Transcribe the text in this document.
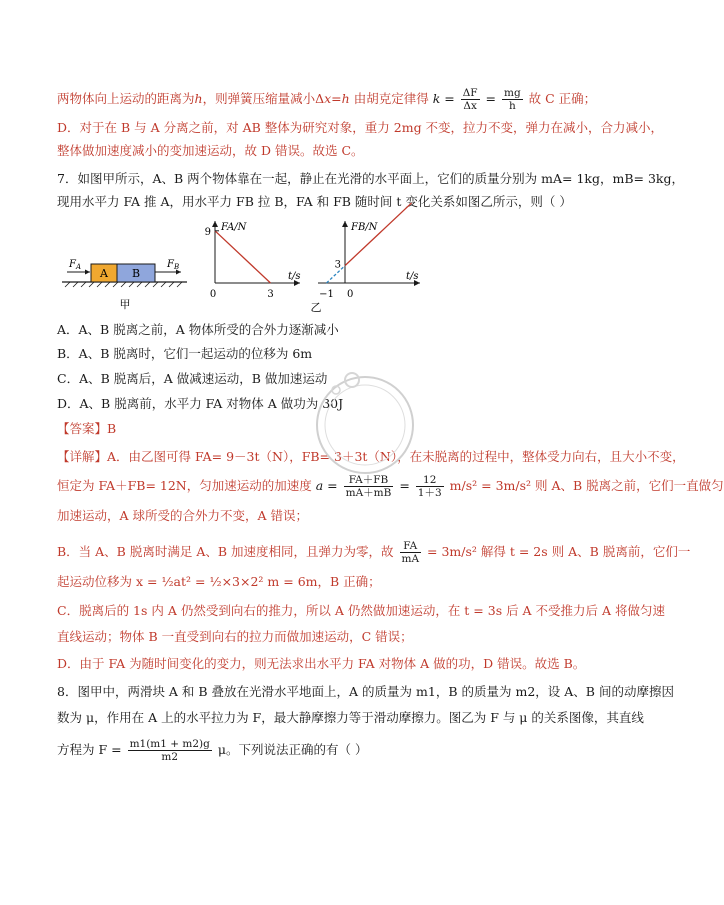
两物体向上运动的距离为h，则弹簧压缩量减小Δx=h 由胡克定律得 $k = \frac{\Delta F}{\Delta x} = \frac{mg}{h}$ 故 C 正确；
D．对于在 B 与 A 分离之前，对 AB 整体为研究对象，重力 2mg 不变，拉力不变，弹力在减小，合力减小，
整体做加速度减小的变加速运动，故 D 错误。故选 C。
7．如图甲所示，A、B 两个物体靠在一起，静止在光滑的水平面上，它们的质量分别为 mA= 1kg，mB= 3kg，
现用水平力 FA 推 A，用水平力 FB 拉 B，FA 和 FB 随时间 t 变化关系如图乙所示，则（ ）
A B
$F_A$	$F_B$
甲
9
0	3
FA/N
t/s
3
−1 0
FB/N
t/s
乙
A．A、B 脱离之前，A 物体所受的合外力逐渐减小
B．A、B 脱离时，它们一起运动的位移为 6m
C．A、B 脱离后，A 做减速运动，B 做加速运动
D．A、B 脱离前，水平力 FA 对物体 A 做功为 30J
【答案】B
【详解】A．由乙图可得 FA= 9－3t（N），FB= 3＋3t（N），在未脱离的过程中，整体受力向右，且大小不变，
恒定为 FA＋FB= 12N，匀加速运动的加速度 $a = \frac{FA+FB}{mA+mB} = \frac{12}{1+3} m/s^2 = 3m/s^2$ 则 A、B 脱离之前，它们一直做匀
加速运动，A 球所受的合外力不变，A 错误；
B．当 A、B 脱离时满足 A、B 加速度相同，且弹力为零，故 $\frac{FA}{mA} = 3m/s^2$ 解得 t = 2s 则 A、B 脱离前，它们一
起运动位移为 x = ½at² = ½×3×2² m = 6m，B 正确；
C．脱离后的 1s 内 A 仍然受到向右的推力，所以 A 仍然做加速运动，在 t = 3s 后 A 不受推力后 A 将做匀速
直线运动；物体 B 一直受到向右的拉力而做加速运动，C 错误；
D．由于 FA 为随时间变化的变力，则无法求出水平力 FA 对物体 A 做的功，D 错误。故选 B。
8．图甲中，两滑块 A 和 B 叠放在光滑水平地面上，A 的质量为 m1，B 的质量为 m2，设 A、B 间的动摩擦因
数为 μ，作用在 A 上的水平拉力为 F，最大静摩擦力等于滑动摩擦力。图乙为 F 与 μ 的关系图像，其直线
方程为 $F = \frac{m1(m1 + m2)g}{m2}$ μ。下列说法正确的有（ ）
